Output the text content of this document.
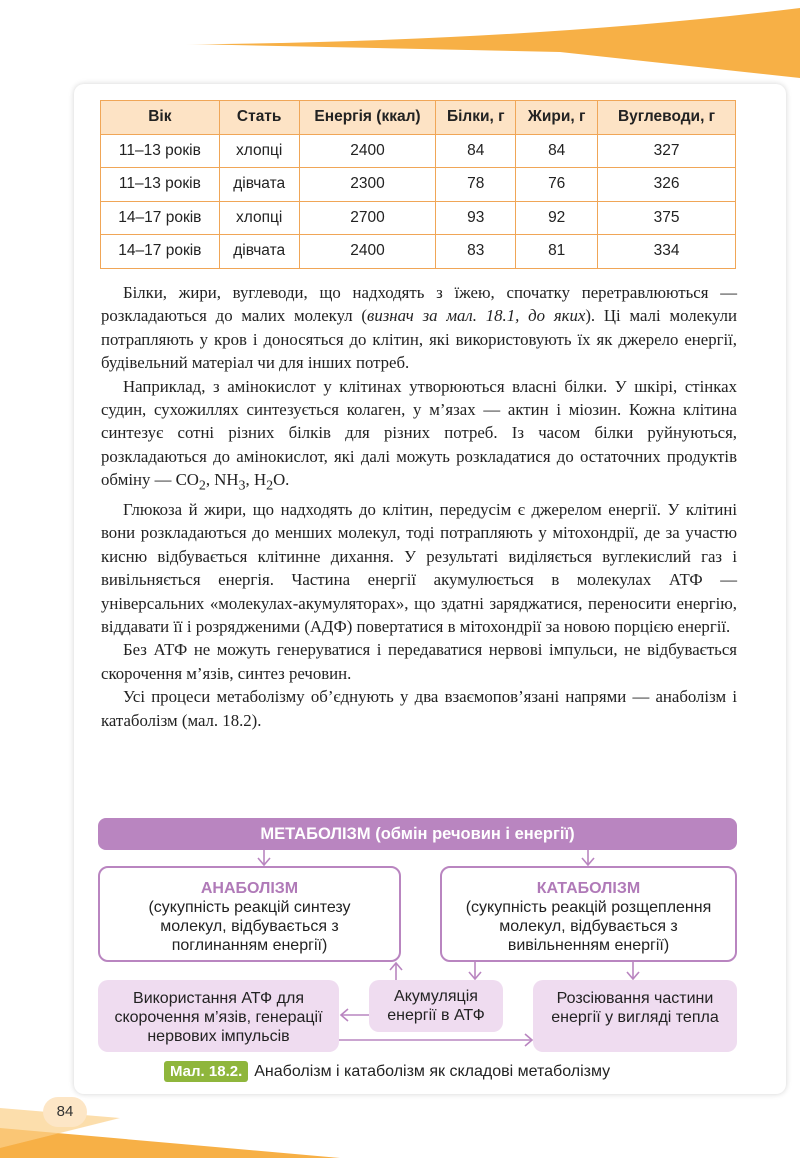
Вік	Стать	Енергія (ккал)	Білки, г	Жири, г	Вуглеводи, г
11–13 років	хлопці	2400	84	84	327
11–13 років	дівчата	2300	78	76	326
14–17 років	хлопці	2700	93	92	375
14–17 років	дівчата	2400	83	81	334

Білки, жири, вуглеводи, що надходять з їжею, спочатку перетравлюються — розкладаються до малих молекул (визнач за мал. 18.1, до яких). Ці малі молекули потрапляють у кров і доносяться до клітин, які використовують їх як джерело енергії, будівельний матеріал чи для інших потреб.

Наприклад, з амінокислот у клітинах утворюються власні білки. У шкірі, стінках судин, сухожиллях синтезується колаген, у м’язах — актин і міозин. Кожна клітина синтезує сотні різних білків для різних потреб. Із часом білки руйнуються, розкладаються до амінокислот, які далі можуть розкладатися до остаточних продуктів обміну — $CO_2$, $NH_3$, $H_2O$.

Глюкоза й жири, що надходять до клітин, передусім є джерелом енергії. У клітині вони розкладаються до менших молекул, тоді потрапляють у мітохондрії, де за участю кисню відбувається клітинне дихання. У результаті виділяється вуглекислий газ і вивільняється енергія. Частина енергії акумулюється в молекулах АТФ — універсальних «молекулах-акумуляторах», що здатні заряджатися, переносити енергію, віддавати її і розрядженими (АДФ) повертатися в мітохондрії за новою порцією енергії.

Без АТФ не можуть генеруватися і передаватися нервові імпульси, не відбувається скорочення м’язів, синтез речовин.

Усі процеси метаболізму об’єднують у два взаємопов’язані напрями — анаболізм і катаболізм (мал. 18.2).

МЕТАБОЛІЗМ (обмін речовин і енергії)
АНАБОЛІЗМ
(сукупність реакцій синтезу молекул, відбувається з поглинанням енергії)
КАТАБОЛІЗМ
(сукупність реакцій розщеплення молекул, відбувається з вивільненням енергії)
Використання АТФ для скорочення м’язів, генерації нервових імпульсів
Акумуляція енергії в АТФ
Розсіювання частини енергії у вигляді тепла
Мал. 18.2. Анаболізм і катаболізм як складові метаболізму
84
